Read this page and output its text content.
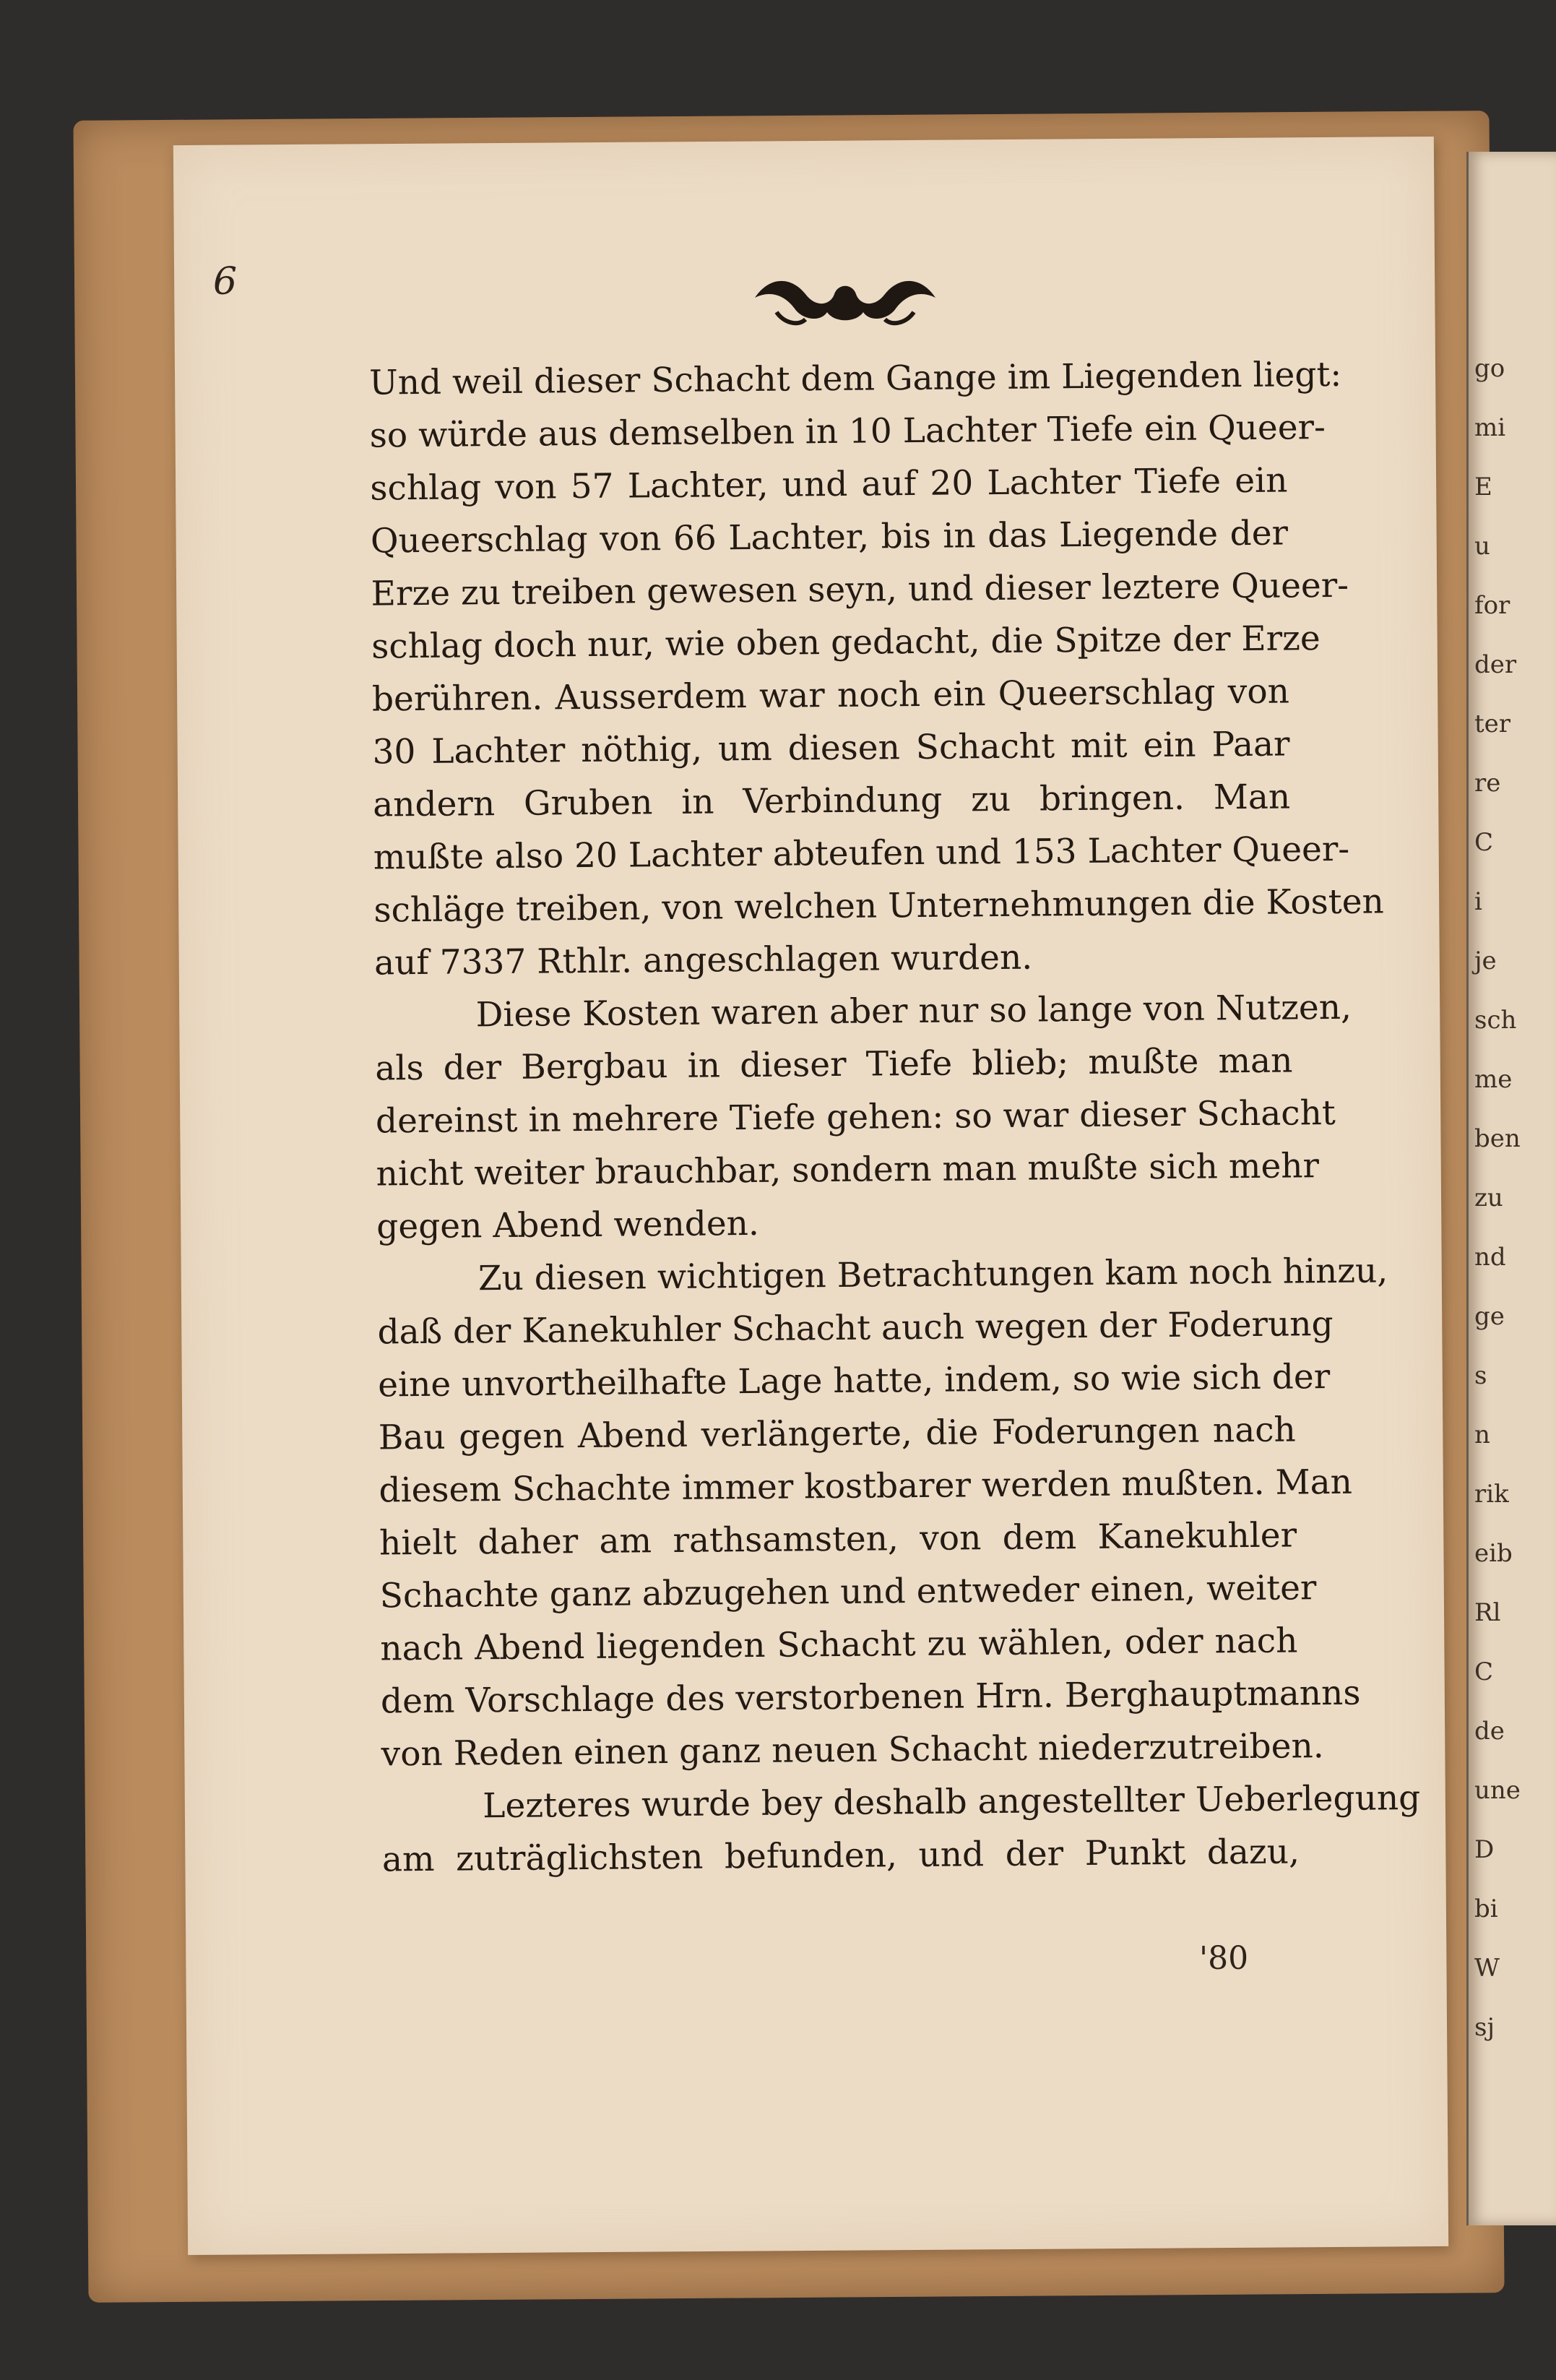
go
mi
E
u
for
der
ter
re
C
i
je
sch
me
ben
zu
nd
ge
s
n
rik
eib
Rl
C
de
une
D
bi
W
sj
6
Und weil dieser Schacht dem Gange im Liegenden liegt:
so würde aus demselben in 10 Lachter Tiefe ein Queer-
schlag von 57 Lachter, und auf 20 Lachter Tiefe ein
Queerschlag von 66 Lachter, bis in das Liegende der
Erze zu treiben gewesen seyn, und dieser leztere Queer-
schlag doch nur, wie oben gedacht, die Spitze der Erze
berühren. Ausserdem war noch ein Queerschlag von
30 Lachter nöthig, um diesen Schacht mit ein Paar
andern Gruben in Verbindung zu bringen. Man
mußte also 20 Lachter abteufen und 153 Lachter Queer-
schläge treiben, von welchen Unternehmungen die Kosten
auf 7337 Rthlr. angeschlagen wurden.
Diese Kosten waren aber nur so lange von Nutzen,
als der Bergbau in dieser Tiefe blieb; mußte man
dereinst in mehrere Tiefe gehen: so war dieser Schacht
nicht weiter brauchbar, sondern man mußte sich mehr
gegen Abend wenden.
Zu diesen wichtigen Betrachtungen kam noch hinzu,
daß der Kanekuhler Schacht auch wegen der Foderung
eine unvortheilhafte Lage hatte, indem, so wie sich der
Bau gegen Abend verlängerte, die Foderungen nach
diesem Schachte immer kostbarer werden mußten. Man
hielt daher am rathsamsten, von dem Kanekuhler
Schachte ganz abzugehen und entweder einen, weiter
nach Abend liegenden Schacht zu wählen, oder nach
dem Vorschlage des verstorbenen Hrn. Berghauptmanns
von Reden einen ganz neuen Schacht niederzutreiben.
Lezteres wurde bey deshalb angestellter Ueberlegung
am zuträglichsten befunden, und der Punkt dazu,
'80
